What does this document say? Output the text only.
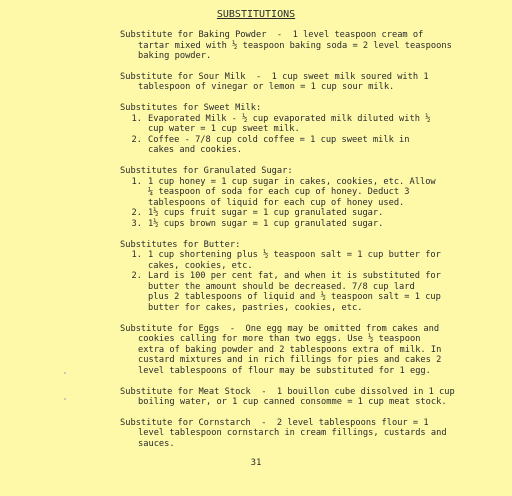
SUBSTITUTIONS
Substitute for Baking Powder  -  1 level teaspoon cream of
tartar mixed with ½ teaspoon baking soda = 2 level teaspoons
baking powder.
Substitute for Sour Milk  -  1 cup sweet milk soured with 1
tablespoon of vinegar or lemon = 1 cup sour milk.
Substitutes for Sweet Milk:
1. Evaporated Milk - ½ cup evaporated milk diluted with ½
cup water = 1 cup sweet milk.
2. Coffee - 7/8 cup cold coffee = 1 cup sweet milk in
cakes and cookies.
Substitutes for Granulated Sugar:
1. 1 cup honey = 1 cup sugar in cakes, cookies, etc. Allow
¼ teaspoon of soda for each cup of honey. Deduct 3
tablespoons of liquid for each cup of honey used.
2. 1½ cups fruit sugar = 1 cup granulated sugar.
3. 1½ cups brown sugar = 1 cup granulated sugar.
Substitutes for Butter:
1. 1 cup shortening plus ½ teaspoon salt = 1 cup butter for
cakes, cookies, etc.
2. Lard is 100 per cent fat, and when it is substituted for
butter the amount should be decreased. 7/8 cup lard
plus 2 tablespoons of liquid and ½ teaspoon salt = 1 cup
butter for cakes, pastries, cookies, etc.
Substitute for Eggs  -  One egg may be omitted from cakes and
cookies calling for more than two eggs. Use ½ teaspoon
extra of baking powder and 2 tablespoons extra of milk. In
custard mixtures and in rich fillings for pies and cakes 2
level tablespoons of flour may be substituted for 1 egg.
Substitute for Meat Stock  -  1 bouillon cube dissolved in 1 cup
boiling water, or 1 cup canned consomme = 1 cup meat stock.
Substitute for Cornstarch  -  2 level tablespoons flour = 1
level tablespoon cornstarch in cream fillings, custards and
sauces.
31
